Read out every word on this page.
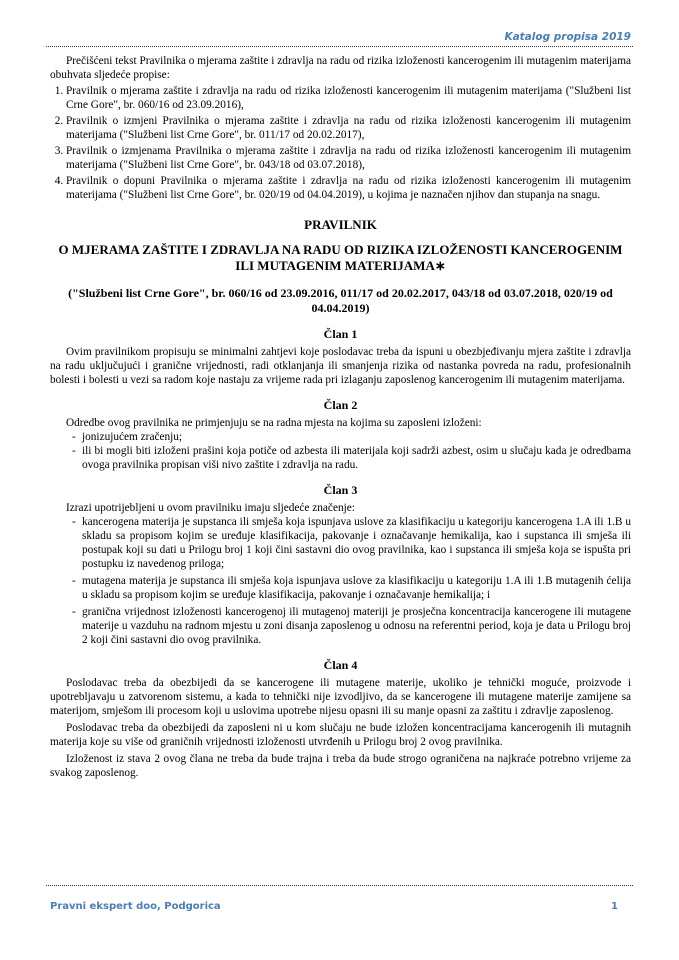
Katalog propisa 2019

Prečišćeni tekst Pravilnika o mjerama zaštite i zdravlja na radu od rizika izloženosti kancerogenim ili mutagenim materijama obuhvata sljedeće propise:

1. Pravilnik o mjerama zaštite i zdravlja na radu od rizika izloženosti kancerogenim ili mutagenim materijama ("Službeni list Crne Gore", br. 060/16 od 23.09.2016),
2. Pravilnik o izmjeni Pravilnika o mjerama zaštite i zdravlja na radu od rizika izloženosti kancerogenim ili mutagenim materijama ("Službeni list Crne Gore", br. 011/17 od 20.02.2017),
3. Pravilnik o izmjenama Pravilnika o mjerama zaštite i zdravlja na radu od rizika izloženosti kancerogenim ili mutagenim materijama ("Službeni list Crne Gore", br. 043/18 od 03.07.2018),
4. Pravilnik o dopuni Pravilnika o mjerama zaštite i zdravlja na radu od rizika izloženosti kancerogenim ili mutagenim materijama ("Službeni list Crne Gore", br. 020/19 od 04.04.2019), u kojima je naznačen njihov dan stupanja na snagu.

PRAVILNIK

O MJERAMA ZAŠTITE I ZDRAVLJA NA RADU OD RIZIKA IZLOŽENOSTI KANCEROGENIM ILI MUTAGENIM MATERIJAMA∗

("Službeni list Crne Gore", br. 060/16 od 23.09.2016, 011/17 od 20.02.2017, 043/18 od 03.07.2018, 020/19 od 04.04.2019)

Član 1

Ovim pravilnikom propisuju se minimalni zahtjevi koje poslodavac treba da ispuni u obezbjeđivanju mjera zaštite i zdravlja na radu uključujući i granične vrijednosti, radi otklanjanja ili smanjenja rizika od nastanka povreda na radu, profesionalnih bolesti i bolesti u vezi sa radom koje nastaju za vrijeme rada pri izlaganju zaposlenog kancerogenim ili mutagenim materijama.

Član 2

Odredbe ovog pravilnika ne primjenjuju se na radna mjesta na kojima su zaposleni izloženi:

- jonizujućem zračenju;
- ili bi mogli biti izloženi prašini koja potiče od azbesta ili materijala koji sadrži azbest, osim u slučaju kada je odredbama ovoga pravilnika propisan viši nivo zaštite i zdravlja na radu.

Član 3

Izrazi upotrijebljeni u ovom pravilniku imaju sljedeće značenje:

- kancerogena materija je supstanca ili smješa koja ispunjava uslove za klasifikaciju u kategoriju kancerogena 1.A ili 1.B u skladu sa propisom kojim se uređuje klasifikacija, pakovanje i označavanje hemikalija, kao i supstanca ili smješa ili postupak koji su dati u Prilogu broj 1 koji čini sastavni dio ovog pravilnika, kao i supstanca ili smješa koja se ispušta pri postupku iz navedenog priloga;
- mutagena materija je supstanca ili smješa koja ispunjava uslove za klasifikaciju u kategoriju 1.A ili 1.B mutagenih ćelija u skladu sa propisom kojim se uređuje klasifikacija, pakovanje i označavanje hemikalija; i
- granična vrijednost izloženosti kancerogenoj ili mutagenoj materiji je prosječna koncentracija kancerogene ili mutagene materije u vazduhu na radnom mjestu u zoni disanja zaposlenog u odnosu na referentni period, koja je data u Prilogu broj 2 koji čini sastavni dio ovog pravilnika.

Član 4

Poslodavac treba da obezbijedi da se kancerogene ili mutagene materije, ukoliko je tehnički moguće, proizvode i upotrebljavaju u zatvorenom sistemu, a kada to tehnički nije izvodljivo, da se kancerogene ili mutagene materije zamijene sa materijom, smješom ili procesom koji u uslovima upotrebe nijesu opasni ili su manje opasni za zaštitu i zdravlje zaposlenog.

Poslodavac treba da obezbijedi da zaposleni ni u kom slučaju ne bude izložen koncentracijama kancerogenih ili mutagnih materija koje su više od graničnih vrijednosti izloženosti utvrđenih u Prilogu broj 2 ovog pravilnika.

Izloženost iz stava 2 ovog člana ne treba da bude trajna i treba da bude strogo ograničena na najkraće potrebno vrijeme za svakog zaposlenog.

Pravni ekspert doo, Podgorica	1
